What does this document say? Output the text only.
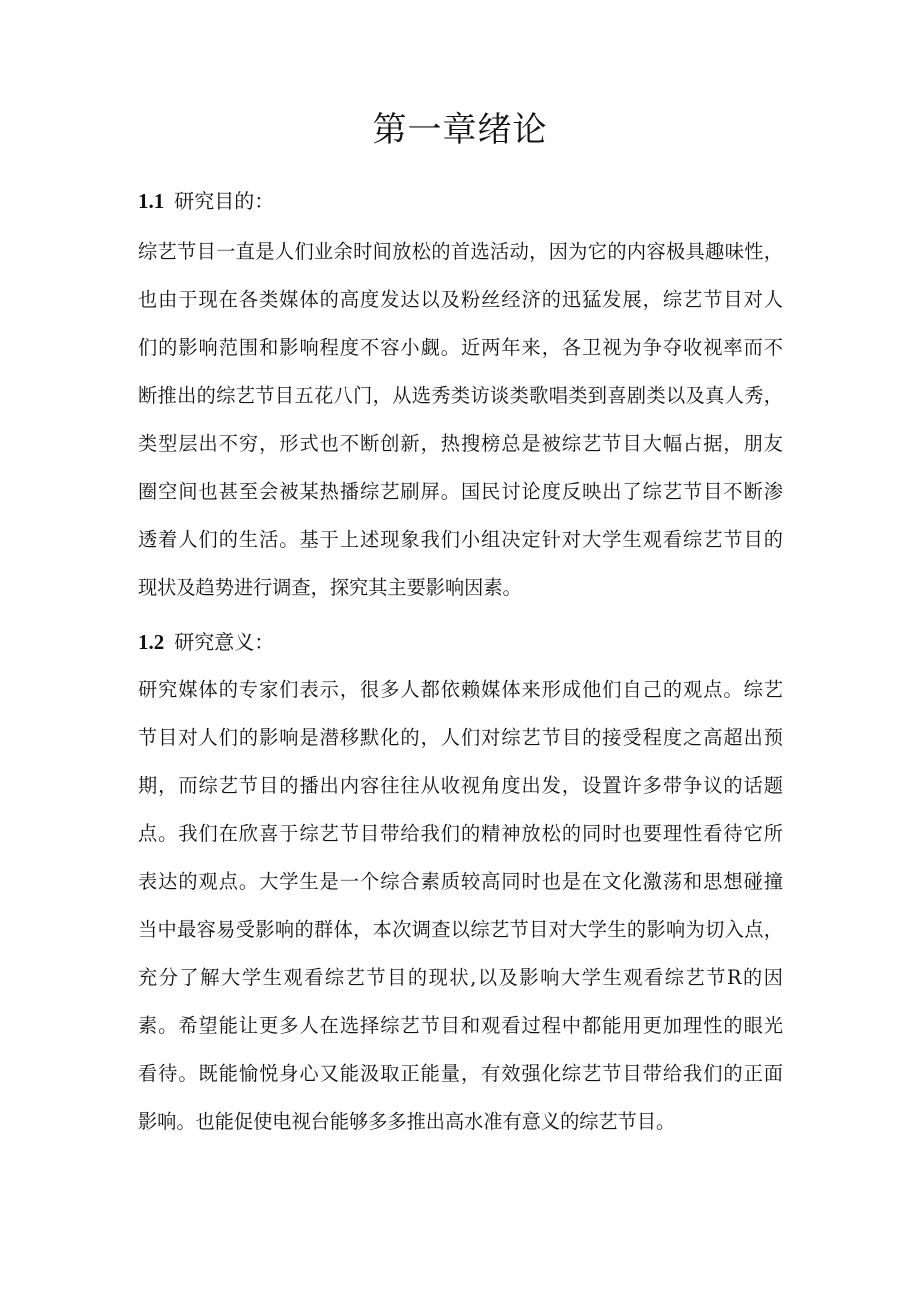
第一章绪论
1.1 研究目的：
综艺节目一直是人们业余时间放松的首选活动，因为它的内容极具趣味性，
也由于现在各类媒体的高度发达以及粉丝经济的迅猛发展，综艺节目对人
们的影响范围和影响程度不容小觑。近两年来，各卫视为争夺收视率而不
断推出的综艺节目五花八门，从选秀类访谈类歌唱类到喜剧类以及真人秀，
类型层出不穷，形式也不断创新，热搜榜总是被综艺节目大幅占据，朋友
圈空间也甚至会被某热播综艺刷屏。国民讨论度反映出了综艺节目不断渗
透着人们的生活。基于上述现象我们小组决定针对大学生观看综艺节目的
现状及趋势进行调查，探究其主要影响因素。
1.2 研究意义：
研究媒体的专家们表示，很多人都依赖媒体来形成他们自己的观点。综艺
节目对人们的影响是潜移默化的，人们对综艺节目的接受程度之高超出预
期，而综艺节目的播出内容往往从收视角度出发，设置许多带争议的话题
点。我们在欣喜于综艺节目带给我们的精神放松的同时也要理性看待它所
表达的观点。大学生是一个综合素质较高同时也是在文化激荡和思想碰撞
当中最容易受影响的群体，本次调查以综艺节目对大学生的影响为切入点，
充分了解大学生观看综艺节目的现状,以及影响大学生观看综艺节R的因
素。希望能让更多人在选择综艺节目和观看过程中都能用更加理性的眼光
看待。既能愉悦身心又能汲取正能量，有效强化综艺节目带给我们的正面
影响。也能促使电视台能够多多推出高水准有意义的综艺节目。
